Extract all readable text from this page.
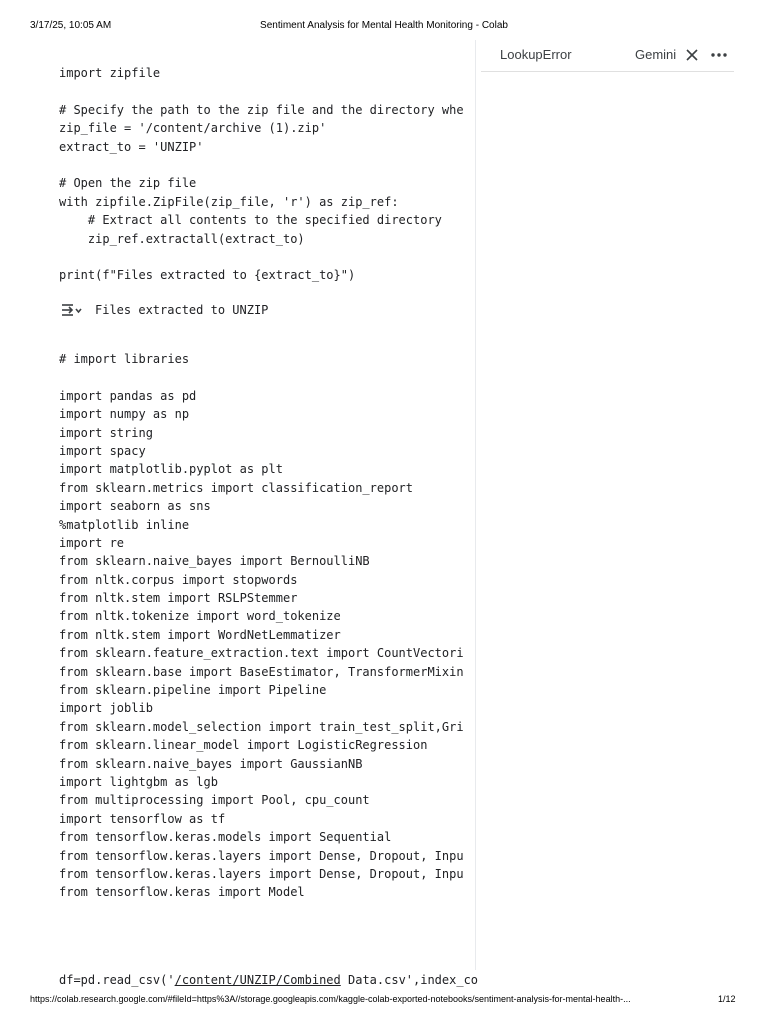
3/17/25, 10:05 AM	Sentiment Analysis for Mental Health Monitoring - Colab
import zipfile
# Specify the path to the zip file and the directory whe
zip_file = '/content/archive (1).zip'
extract_to = 'UNZIP'
# Open the zip file
with zipfile.ZipFile(zip_file, 'r') as zip_ref:
# Extract all contents to the specified directory
zip_ref.extractall(extract_to)
print(f"Files extracted to {extract_to}")
Files extracted to UNZIP
# import libraries
import pandas as pd
import numpy as np
import string
import spacy
import matplotlib.pyplot as plt
from sklearn.metrics import classification_report
import seaborn as sns
%matplotlib inline
import re
from sklearn.naive_bayes import BernoulliNB
from nltk.corpus import stopwords
from nltk.stem import RSLPStemmer
from nltk.tokenize import word_tokenize
from nltk.stem import WordNetLemmatizer
from sklearn.feature_extraction.text import CountVectori
from sklearn.base import BaseEstimator, TransformerMixin
from sklearn.pipeline import Pipeline
import joblib
from sklearn.model_selection import train_test_split,Gri
from sklearn.linear_model import LogisticRegression
from sklearn.naive_bayes import GaussianNB
import lightgbm as lgb
from multiprocessing import Pool, cpu_count
import tensorflow as tf
from tensorflow.keras.models import Sequential
from tensorflow.keras.layers import Dense, Dropout, Inpu
from tensorflow.keras.layers import Dense, Dropout, Inpu
from tensorflow.keras import Model
df=pd.read_csv('/content/UNZIP/Combined Data.csv',index_co
LookupError	Gemini
https://colab.research.google.com/#fileId=https%3A//storage.googleapis.com/kaggle-colab-exported-notebooks/sentiment-analysis-for-mental-health-...	1/12
